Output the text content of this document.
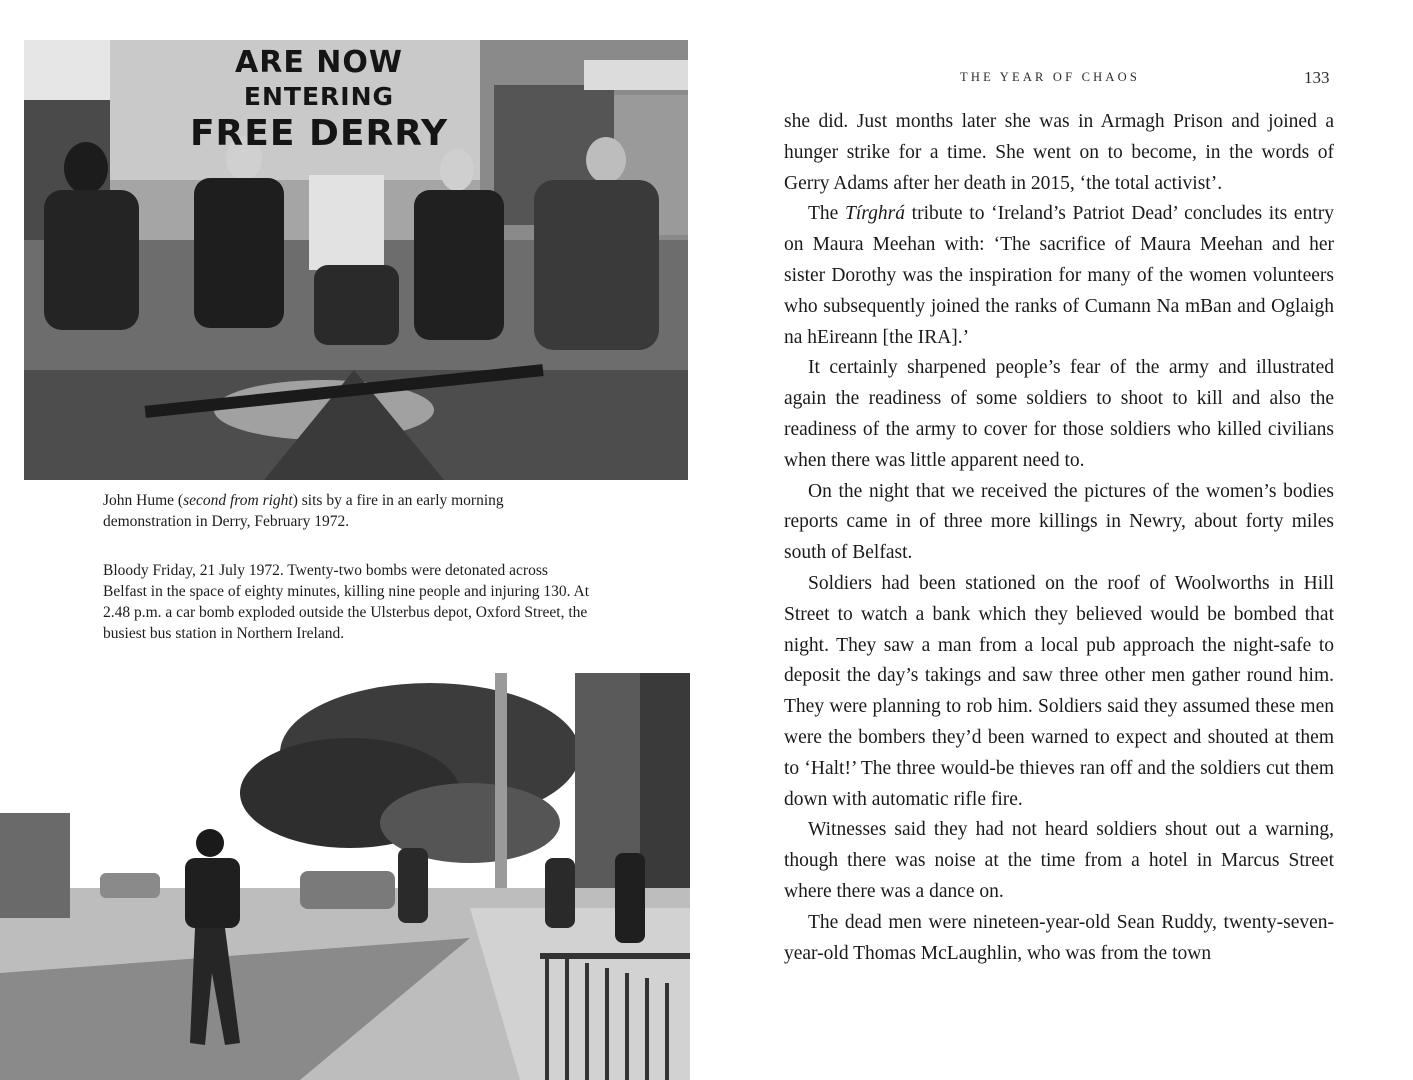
ARE NOW
ENTERING
FREE DERRY
John Hume (second from right) sits by a fire in an early morning demonstration in Derry, February 1972.
Bloody Friday, 21 July 1972. Twenty-two bombs were detonated across Belfast in the space of eighty minutes, killing nine people and injuring 130. At 2.48 p.m. a car bomb exploded outside the Ulsterbus depot, Oxford Street, the busiest bus station in Northern Ireland.
THE YEAR OF CHAOS	133

she did. Just months later she was in Armagh Prison and joined a hunger strike for a time. She went on to become, in the words of Gerry Adams after her death in 2015, ‘the total activist’.

The Tírghrá tribute to ‘Ireland’s Patriot Dead’ concludes its entry on Maura Meehan with: ‘The sacrifice of Maura Meehan and her sister Dorothy was the inspiration for many of the women volunteers who subsequently joined the ranks of Cumann Na mBan and Oglaigh na hEireann [the IRA].’

It certainly sharpened people’s fear of the army and illustrated again the readiness of some soldiers to shoot to kill and also the readiness of the army to cover for those soldiers who killed civilians when there was little apparent need to.

On the night that we received the pictures of the women’s bodies reports came in of three more killings in Newry, about forty miles south of Belfast.

Soldiers had been stationed on the roof of Woolworths in Hill Street to watch a bank which they believed would be bombed that night. They saw a man from a local pub approach the night-safe to deposit the day’s takings and saw three other men gather round him. They were planning to rob him. Soldiers said they assumed these men were the bombers they’d been warned to expect and shouted at them to ‘Halt!’ The three would-be thieves ran off and the soldiers cut them down with automatic rifle fire.

Witnesses said they had not heard soldiers shout out a warning, though there was noise at the time from a hotel in Marcus Street where there was a dance on.

The dead men were nineteen-year-old Sean Ruddy, twenty-seven-year-old Thomas McLaughlin, who was from the town
